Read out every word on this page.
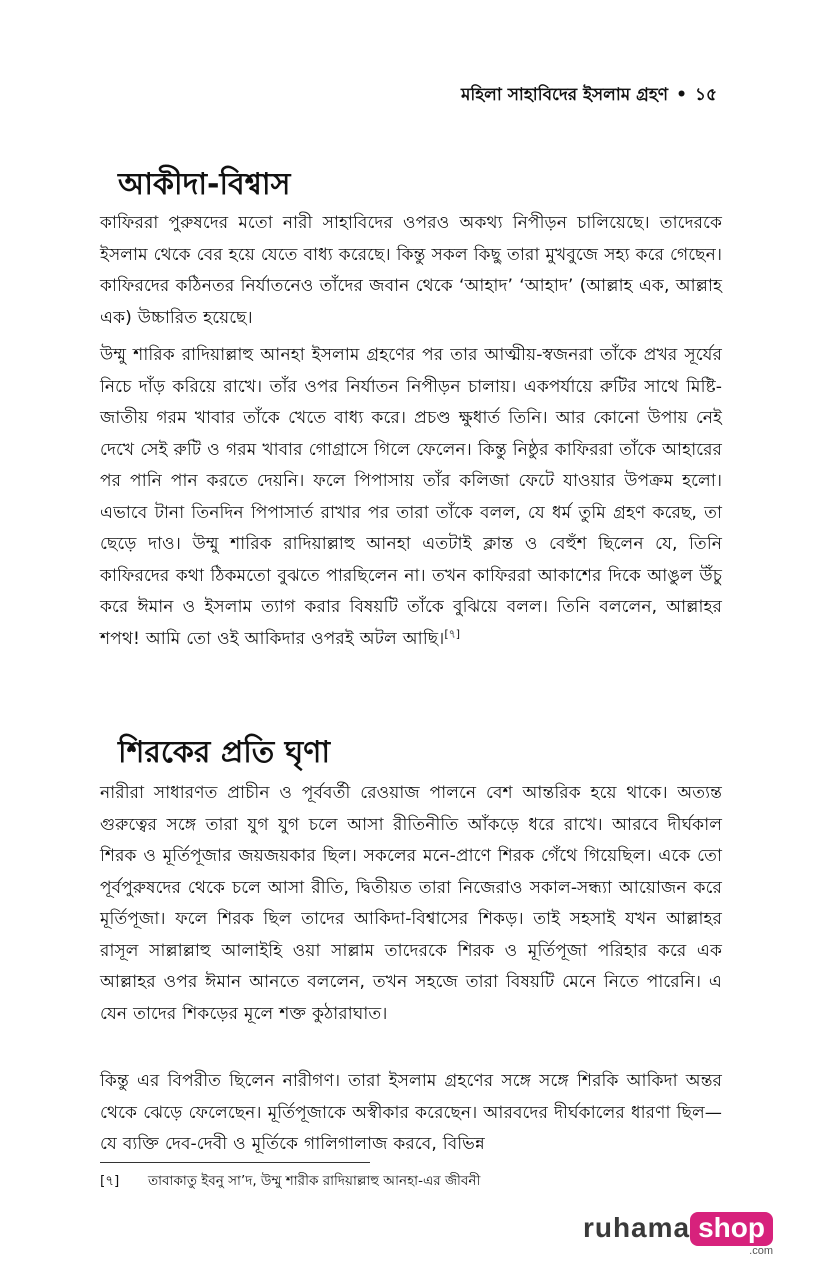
মহিলা সাহাবিদের ইসলাম গ্রহণ • ১৫
আকীদা-বিশ্বাস

কাফিররা পুরুষদের মতো নারী সাহাবিদের ওপরও অকথ্য নিপীড়ন চালিয়েছে। তাদেরকে ইসলাম থেকে বের হয়ে যেতে বাধ্য করেছে। কিন্তু সকল কিছু তারা মুখবুজে সহ্য করে গেছেন। কাফিরদের কঠিনতর নির্যাতনেও তাঁদের জবান থেকে ‘আহাদ’ ‘আহাদ’ (আল্লাহ এক, আল্লাহ এক) উচ্চারিত হয়েছে।

উম্মু শারিক রাদিয়াল্লাহু আনহা ইসলাম গ্রহণের পর তার আত্মীয়-স্বজনরা তাঁকে প্রখর সূর্যের নিচে দাঁড় করিয়ে রাখে। তাঁর ওপর নির্যাতন নিপীড়ন চালায়। একপর্যায়ে রুটির সাথে মিষ্টি-জাতীয় গরম খাবার তাঁকে খেতে বাধ্য করে। প্রচণ্ড ক্ষুধার্ত তিনি। আর কোনো উপায় নেই দেখে সেই রুটি ও গরম খাবার গোগ্রাসে গিলে ফেলেন। কিন্তু নিষ্ঠুর কাফিররা তাঁকে আহারের পর পানি পান করতে দেয়নি। ফলে পিপাসায় তাঁর কলিজা ফেটে যাওয়ার উপক্রম হলো। এভাবে টানা তিনদিন পিপাসার্ত রাখার পর তারা তাঁকে বলল, যে ধর্ম তুমি গ্রহণ করেছ, তা ছেড়ে দাও। উম্মু শারিক রাদিয়াল্লাহু আনহা এতটাই ক্লান্ত ও বেহুঁশ ছিলেন যে, তিনি কাফিরদের কথা ঠিকমতো বুঝতে পারছিলেন না। তখন কাফিররা আকাশের দিকে আঙুল উঁচু করে ঈমান ও ইসলাম ত্যাগ করার বিষয়টি তাঁকে বুঝিয়ে বলল। তিনি বললেন, আল্লাহর শপথ! আমি তো ওই আকিদার ওপরই অটল আছি।[৭]

শিরকের প্রতি ঘৃণা

নারীরা সাধারণত প্রাচীন ও পূর্ববর্তী রেওয়াজ পালনে বেশ আন্তরিক হয়ে থাকে। অত্যন্ত গুরুত্বের সঙ্গে তারা যুগ যুগ চলে আসা রীতিনীতি আঁকড়ে ধরে রাখে। আরবে দীর্ঘকাল শিরক ও মূর্তিপূজার জয়জয়কার ছিল। সকলের মনে-প্রাণে শিরক গেঁথে গিয়েছিল। একে তো পূর্বপুরুষদের থেকে চলে আসা রীতি, দ্বিতীয়ত তারা নিজেরাও সকাল-সন্ধ্যা আয়োজন করে মূর্তিপূজা। ফলে শিরক ছিল তাদের আকিদা-বিশ্বাসের শিকড়। তাই সহসাই যখন আল্লাহর রাসূল সাল্লাল্লাহু আলাইহি ওয়া সাল্লাম তাদেরকে শিরক ও মূর্তিপূজা পরিহার করে এক আল্লাহর ওপর ঈমান আনতে বললেন, তখন সহজে তারা বিষয়টি মেনে নিতে পারেনি। এ যেন তাদের শিকড়ের মূলে শক্ত কুঠারাঘাত।

কিন্তু এর বিপরীত ছিলেন নারীগণ। তারা ইসলাম গ্রহণের সঙ্গে সঙ্গে শিরকি আকিদা অন্তর থেকে ঝেড়ে ফেলেছেন। মূর্তিপূজাকে অস্বীকার করেছেন। আরবদের দীর্ঘকালের ধারণা ছিল—যে ব্যক্তি দেব-দেবী ও মূর্তিকে গালিগালাজ করবে, বিভিন্ন

[৭] তাবাকাতু ইবনু সা’দ, উম্মু শারীক রাদিয়াল্লাহু আনহা-এর জীবনী

ruhama shop
.com
